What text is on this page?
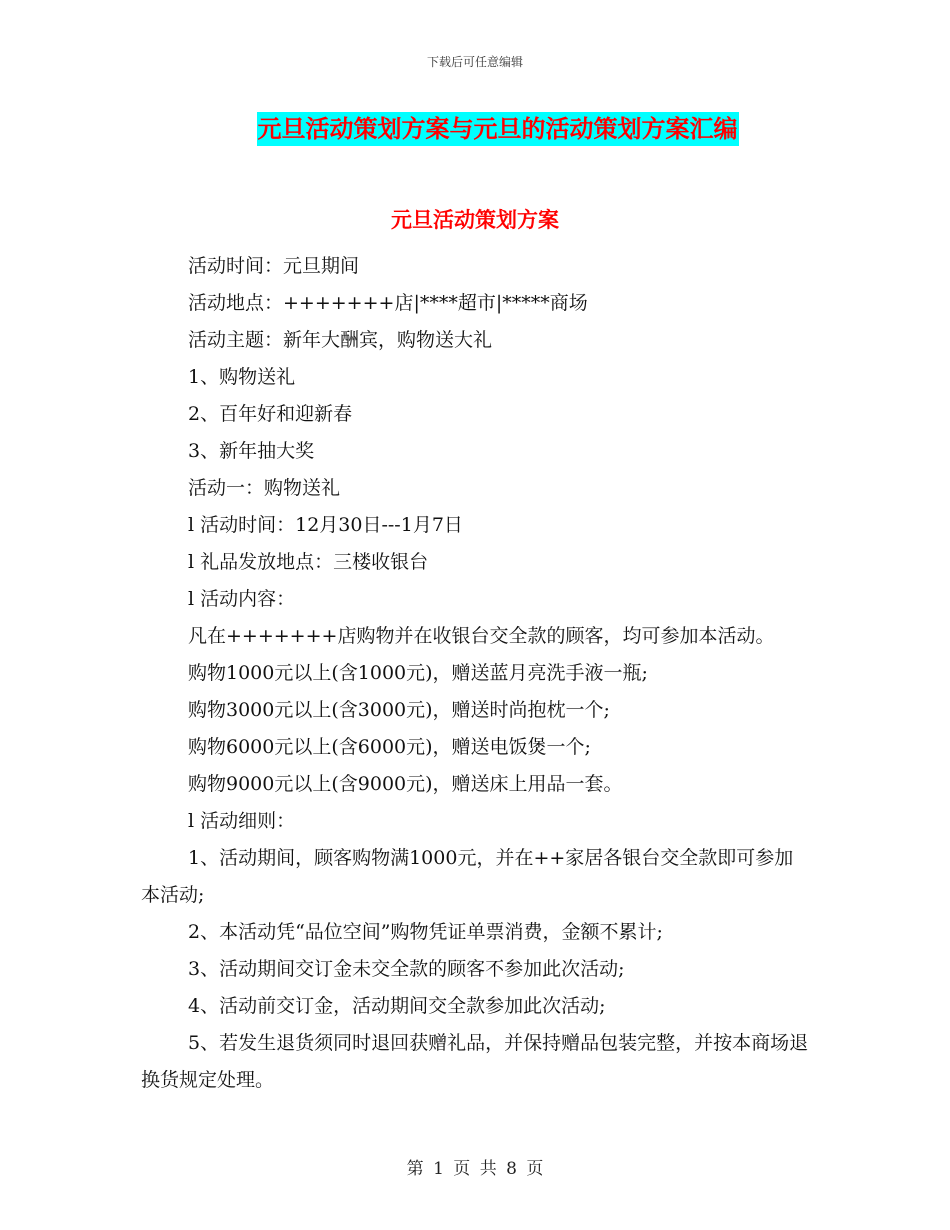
下载后可任意编辑
元旦活动策划方案与元旦的活动策划方案汇编
元旦活动策划方案

活动时间：元旦期间

活动地点：+++++++店|****超市|*****商场

活动主题：新年大酬宾，购物送大礼

1、购物送礼

2、百年好和迎新春

3、新年抽大奖

活动一：购物送礼

l 活动时间：12月30日---1月7日

l 礼品发放地点：三楼收银台

l 活动内容：

凡在+++++++店购物并在收银台交全款的顾客，均可参加本活动。

购物1000元以上(含1000元)，赠送蓝月亮洗手液一瓶;

购物3000元以上(含3000元)，赠送时尚抱枕一个;

购物6000元以上(含6000元)，赠送电饭煲一个;

购物9000元以上(含9000元)，赠送床上用品一套。

l 活动细则：

1、活动期间，顾客购物满1000元，并在++家居各银台交全款即可参加本活动;

2、本活动凭“品位空间”购物凭证单票消费，金额不累计;

3、活动期间交订金未交全款的顾客不参加此次活动;

4、活动前交订金，活动期间交全款参加此次活动;

5、若发生退货须同时退回获赠礼品，并保持赠品包装完整，并按本商场退换货规定处理。

第 1 页 共 8 页
